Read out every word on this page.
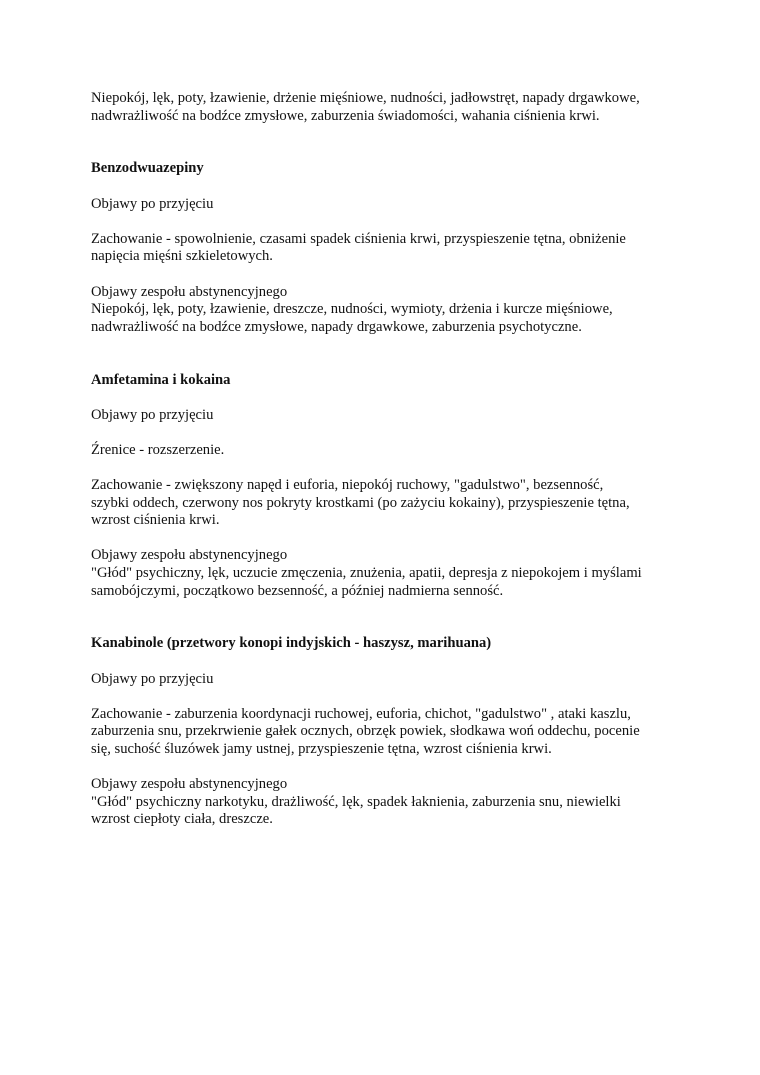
Niepokój, lęk, poty, łzawienie, drżenie mięśniowe, nudności, jadłowstręt, napady drgawkowe,
nadwrażliwość na bodźce zmysłowe, zaburzenia świadomości, wahania ciśnienia krwi.

Benzodwuazepiny

Objawy po przyjęciu

Zachowanie - spowolnienie, czasami spadek ciśnienia krwi, przyspieszenie tętna, obniżenie
napięcia mięśni szkieletowych.

Objawy zespołu abstynencyjnego
Niepokój, lęk, poty, łzawienie, dreszcze, nudności, wymioty, drżenia i kurcze mięśniowe,
nadwrażliwość na bodźce zmysłowe, napady drgawkowe, zaburzenia psychotyczne.

Amfetamina i kokaina

Objawy po przyjęciu

Źrenice - rozszerzenie.

Zachowanie - zwiększony napęd i euforia, niepokój ruchowy, "gadulstwo", bezsenność,
szybki oddech, czerwony nos pokryty krostkami (po zażyciu kokainy), przyspieszenie tętna,
wzrost ciśnienia krwi.

Objawy zespołu abstynencyjnego
"Głód" psychiczny, lęk, uczucie zmęczenia, znużenia, apatii, depresja z niepokojem i myślami
samobójczymi, początkowo bezsenność, a później nadmierna senność.

Kanabinole (przetwory konopi indyjskich - haszysz, marihuana)

Objawy po przyjęciu

Zachowanie - zaburzenia koordynacji ruchowej, euforia, chichot, "gadulstwo" , ataki kaszlu,
zaburzenia snu, przekrwienie gałek ocznych, obrzęk powiek, słodkawa woń oddechu, pocenie
się, suchość śluzówek jamy ustnej, przyspieszenie tętna, wzrost ciśnienia krwi.

Objawy zespołu abstynencyjnego
"Głód" psychiczny narkotyku, drażliwość, lęk, spadek łaknienia, zaburzenia snu, niewielki
wzrost ciepłoty ciała, dreszcze.
